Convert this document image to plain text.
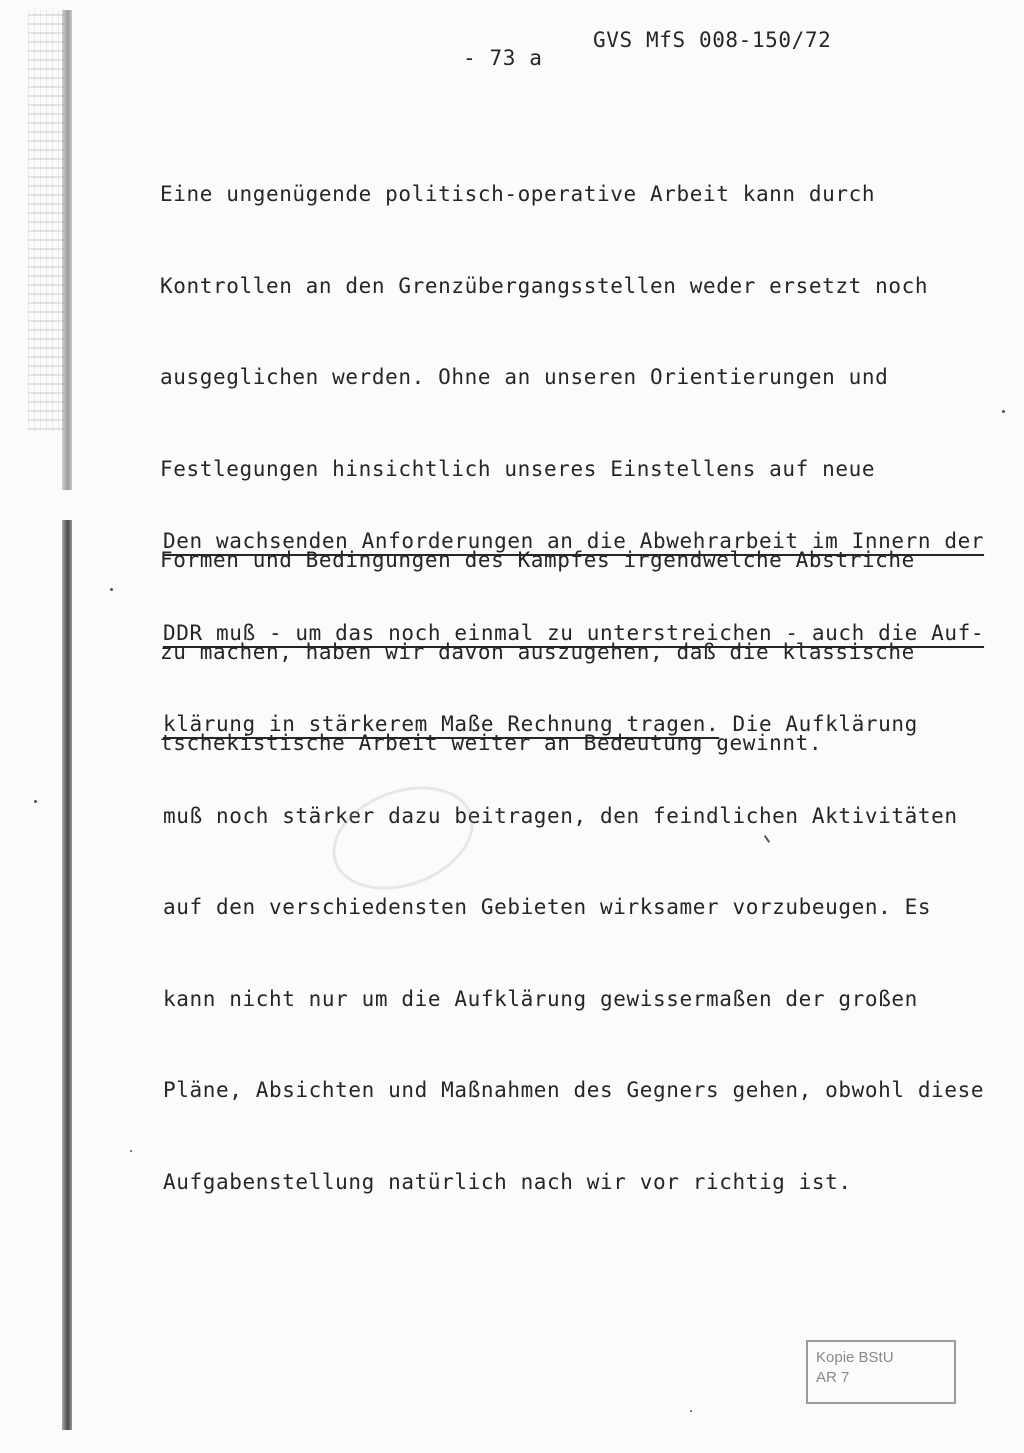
- 73 a
GVS MfS 008-150/72

Eine ungenügende politisch-operative Arbeit kann durch

Kontrollen an den Grenzübergangsstellen weder ersetzt noch

ausgeglichen werden. Ohne an unseren Orientierungen und

Festlegungen hinsichtlich unseres Einstellens auf neue

Formen und Bedingungen des Kampfes irgendwelche Abstriche

zu machen, haben wir davon auszugehen, daß die klassische

tschekistische Arbeit weiter an Bedeutung gewinnt.

Den wachsenden Anforderungen an die Abwehrarbeit im Innern der

DDR muß - um das noch einmal zu unterstreichen - auch die Auf-

klärung in stärkerem Maße Rechnung tragen. Die Aufklärung

muß noch stärker dazu beitragen, den feindlichen Aktivitäten

auf den verschiedensten Gebieten wirksamer vorzubeugen. Es

kann nicht nur um die Aufklärung gewissermaßen der großen

Pläne, Absichten und Maßnahmen des Gegners gehen, obwohl diese

Aufgabenstellung natürlich nach wir vor richtig ist.

Kopie BStU
AR 7
